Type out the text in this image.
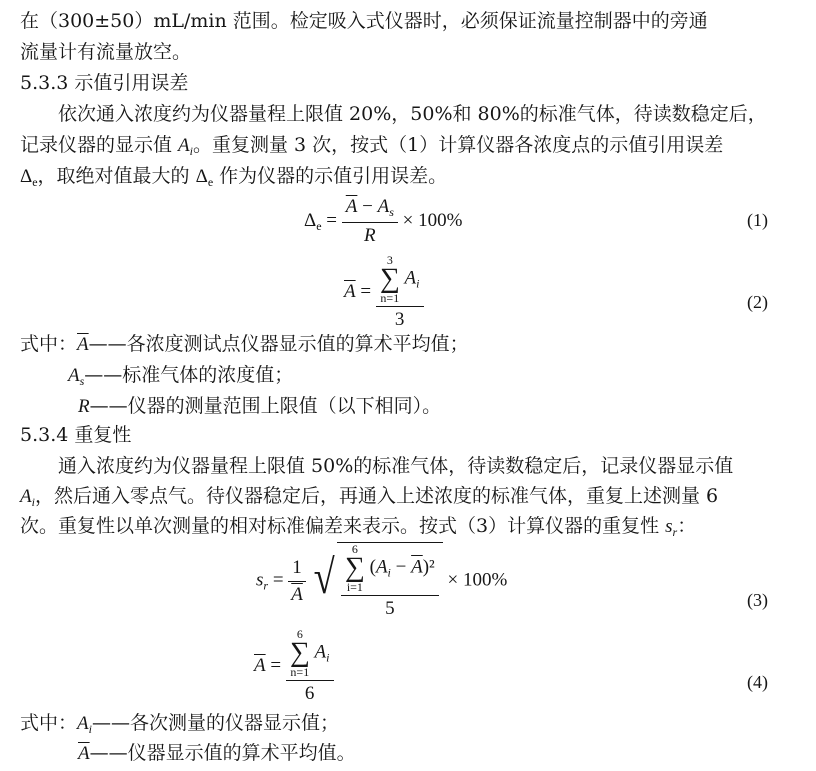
在（300±50）mL/min 范围。检定吸入式仪器时，必须保证流量控制器中的旁通
流量计有流量放空。
5.3.3 示值引用误差
依次通入浓度约为仪器量程上限值 20%，50%和 80%的标准气体，待读数稳定后，
记录仪器的显示值 $A_i$。重复测量 3 次，按式（1）计算仪器各浓度点的示值引用误差
$\Delta_e$，取绝对值最大的 $\Delta_e$ 作为仪器的示值引用误差。
$\Delta_e = \frac{\overline{A} - A_s}{R} \times 100\%$	(1)
$\overline{A} = 3$
∑
n=1
$A_i$
3	(2)
式中：$\overline{A}——$各浓度测试点仪器显示值的算术平均值；
$A_s——$标准气体的浓度值；
R——仪器的测量范围上限值（以下相同）。
5.3.4 重复性
通入浓度约为仪器量程上限值 50%的标准气体，待读数稳定后，记录仪器显示值
$A_i$，然后通入零点气。待仪器稳定后，再通入上述浓度的标准气体，重复上述测量 6
次。重复性以单次测量的相对标准偏差来表示。按式（3）计算仪器的重复性 $s_r$：
$s_r = \frac{1}{A}$
√
6
∑
i=1
$(A_i - \overline{A})^2$
5
× 100%
(3)
$\overline{A} = 6$
∑
n=1
$A_i$
6	(4)
式中：$A_i——$各次测量的仪器显示值；
$\overline{A}——$仪器显示值的算术平均值。
